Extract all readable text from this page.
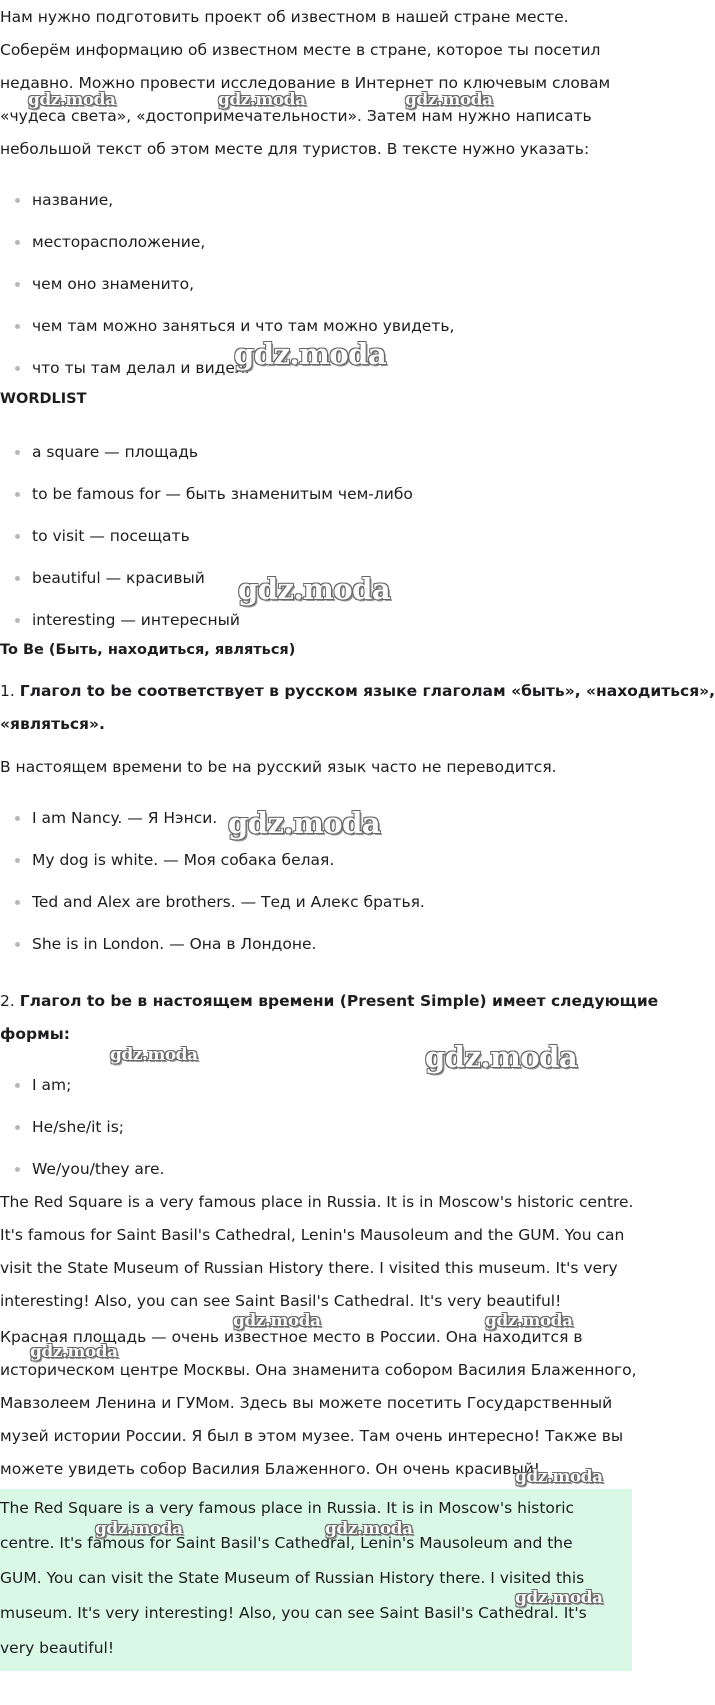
Нам нужно подготовить проект об известном в нашей стране месте.

Соберём информацию об известном месте в стране, которое ты посетил

недавно. Можно провести исследование в Интернет по ключевым словам

«чудеса света», «достопримечательности». Затем нам нужно написать

небольшой текст об этом месте для туристов. В тексте нужно указать:

название,
месторасположение,
чем оно знаменито,
чем там можно заняться и что там можно увидеть,
что ты там делал и видел.
WORDLIST
a square — площадь
to be famous for — быть знаменитым чем-либо
to visit — посещать
beautiful — красивый
interesting — интересный
To Be (Быть, находиться, являться)
1. Глагол to be соответствует в русском языке глаголам «быть», «находиться»,
«являться».
В настоящем времени to be на русский язык часто не переводится.
I am Nancy. — Я Нэнси.
My dog is white. — Моя собака белая.
Ted and Alex are brothers. — Тед и Алекс братья.
She is in London. — Она в Лондоне.
2. Глагол to be в настоящем времени (Present Simple) имеет следующие
формы:
I am;
He/she/it is;
We/you/they are.

The Red Square is a very famous place in Russia. It is in Moscow's historic centre.

It's famous for Saint Basil's Cathedral, Lenin's Mausoleum and the GUM. You can

visit the State Museum of Russian History there. I visited this museum. It's very

interesting! Also, you can see Saint Basil's Cathedral. It's very beautiful!

Красная площадь — очень известное место в России. Она находится в

историческом центре Москвы. Она знаменита собором Василия Блаженного,

Мавзолеем Ленина и ГУМом. Здесь вы можете посетить Государственный

музей истории России. Я был в этом музее. Там очень интересно! Также вы

можете увидеть собор Василия Блаженного. Он очень красивый!

The Red Square is a very famous place in Russia. It is in Moscow's historic

centre. It's famous for Saint Basil's Cathedral, Lenin's Mausoleum and the

GUM. You can visit the State Museum of Russian History there. I visited this

museum. It's very interesting! Also, you can see Saint Basil's Cathedral. It's

very beautiful!

gdz.moda	gdz.moda	gdz.moda
gdz.moda
gdz.moda
gdz.moda
gdz.moda	gdz.moda
gdz.moda	gdz.moda
gdz.moda
gdz.moda
gdz.moda	gdz.moda
gdz.moda
